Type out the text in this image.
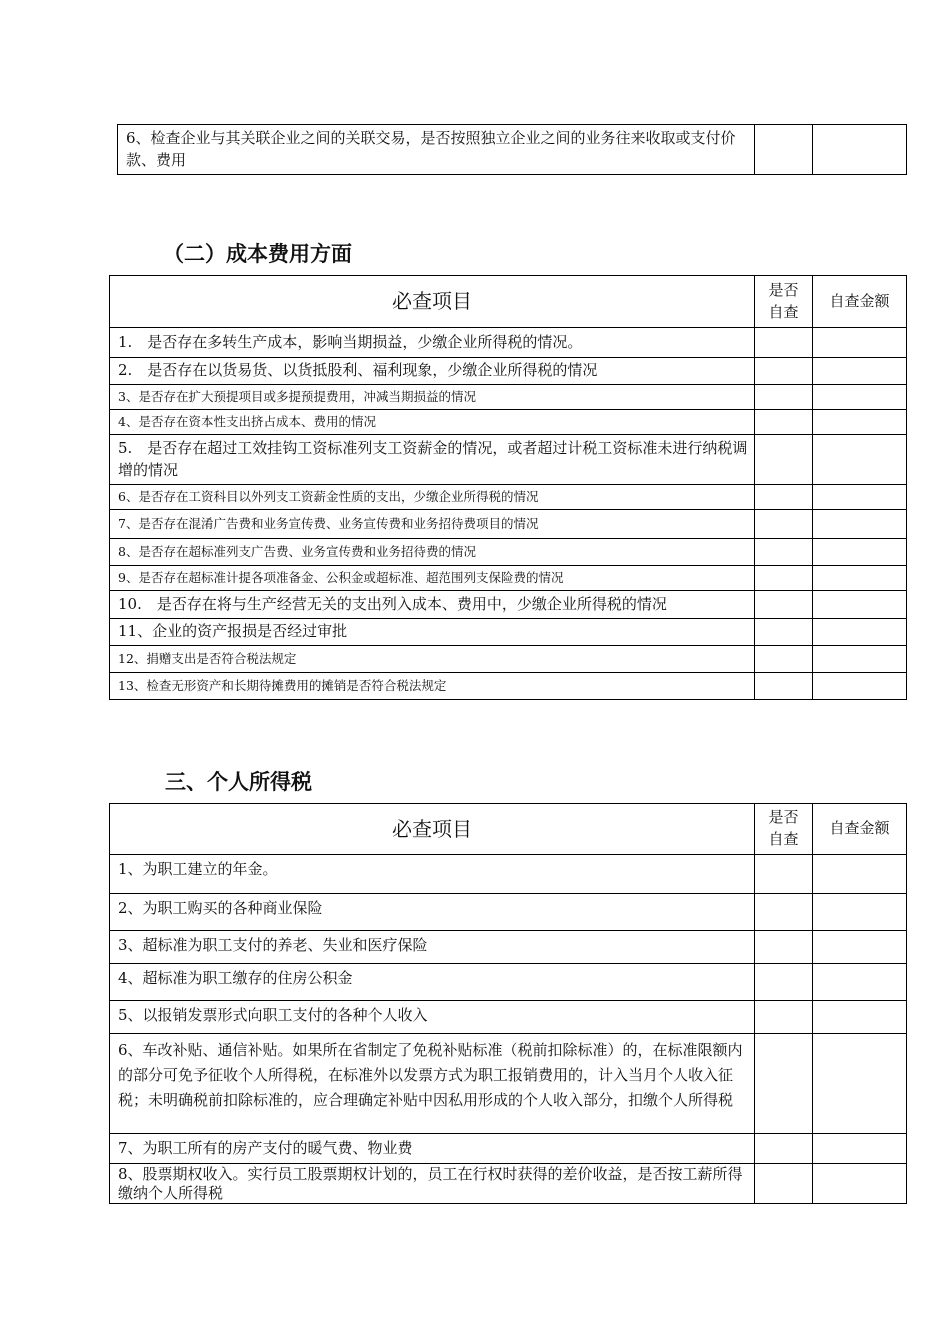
6、检查企业与其关联企业之间的关联交易，是否按照独立企业之间的业务往来收取或支付价款、费用		
（二）成本费用方面
必查项目	是否自查	自查金额
1.　是否存在多转生产成本，影响当期损益，少缴企业所得税的情况。		
2.　是否存在以货易货、以货抵股利、福利现象，少缴企业所得税的情况		
3、是否存在扩大预提项目或多提预提费用，冲减当期损益的情况		
4、是否存在资本性支出挤占成本、费用的情况		
5.　是否存在超过工效挂钩工资标准列支工资薪金的情况，或者超过计税工资标准未进行纳税调增的情况		
6、是否存在工资科目以外列支工资薪金性质的支出，少缴企业所得税的情况		
7、是否存在混淆广告费和业务宣传费、业务宣传费和业务招待费项目的情况		
8、是否存在超标准列支广告费、业务宣传费和业务招待费的情况		
9、是否存在超标准计提各项准备金、公积金或超标准、超范围列支保险费的情况		
10.　是否存在将与生产经营无关的支出列入成本、费用中，少缴企业所得税的情况		
11、企业的资产报损是否经过审批		
12、捐赠支出是否符合税法规定		
13、检查无形资产和长期待摊费用的摊销是否符合税法规定		
三、个人所得税
必查项目	是否自查	自查金额
1、为职工建立的年金。		
2、为职工购买的各种商业保险		
3、超标准为职工支付的养老、失业和医疗保险		
4、超标准为职工缴存的住房公积金		
5、以报销发票形式向职工支付的各种个人收入		
6、车改补贴、通信补贴。如果所在省制定了免税补贴标准（税前扣除标准）的，在标准限额内的部分可免予征收个人所得税，在标准外以发票方式为职工报销费用的，计入当月个人收入征税；未明确税前扣除标准的，应合理确定补贴中因私用形成的个人收入部分，扣缴个人所得税		
7、为职工所有的房产支付的暖气费、物业费		
8、股票期权收入。实行员工股票期权计划的，员工在行权时获得的差价收益，是否按工薪所得缴纳个人所得税		
